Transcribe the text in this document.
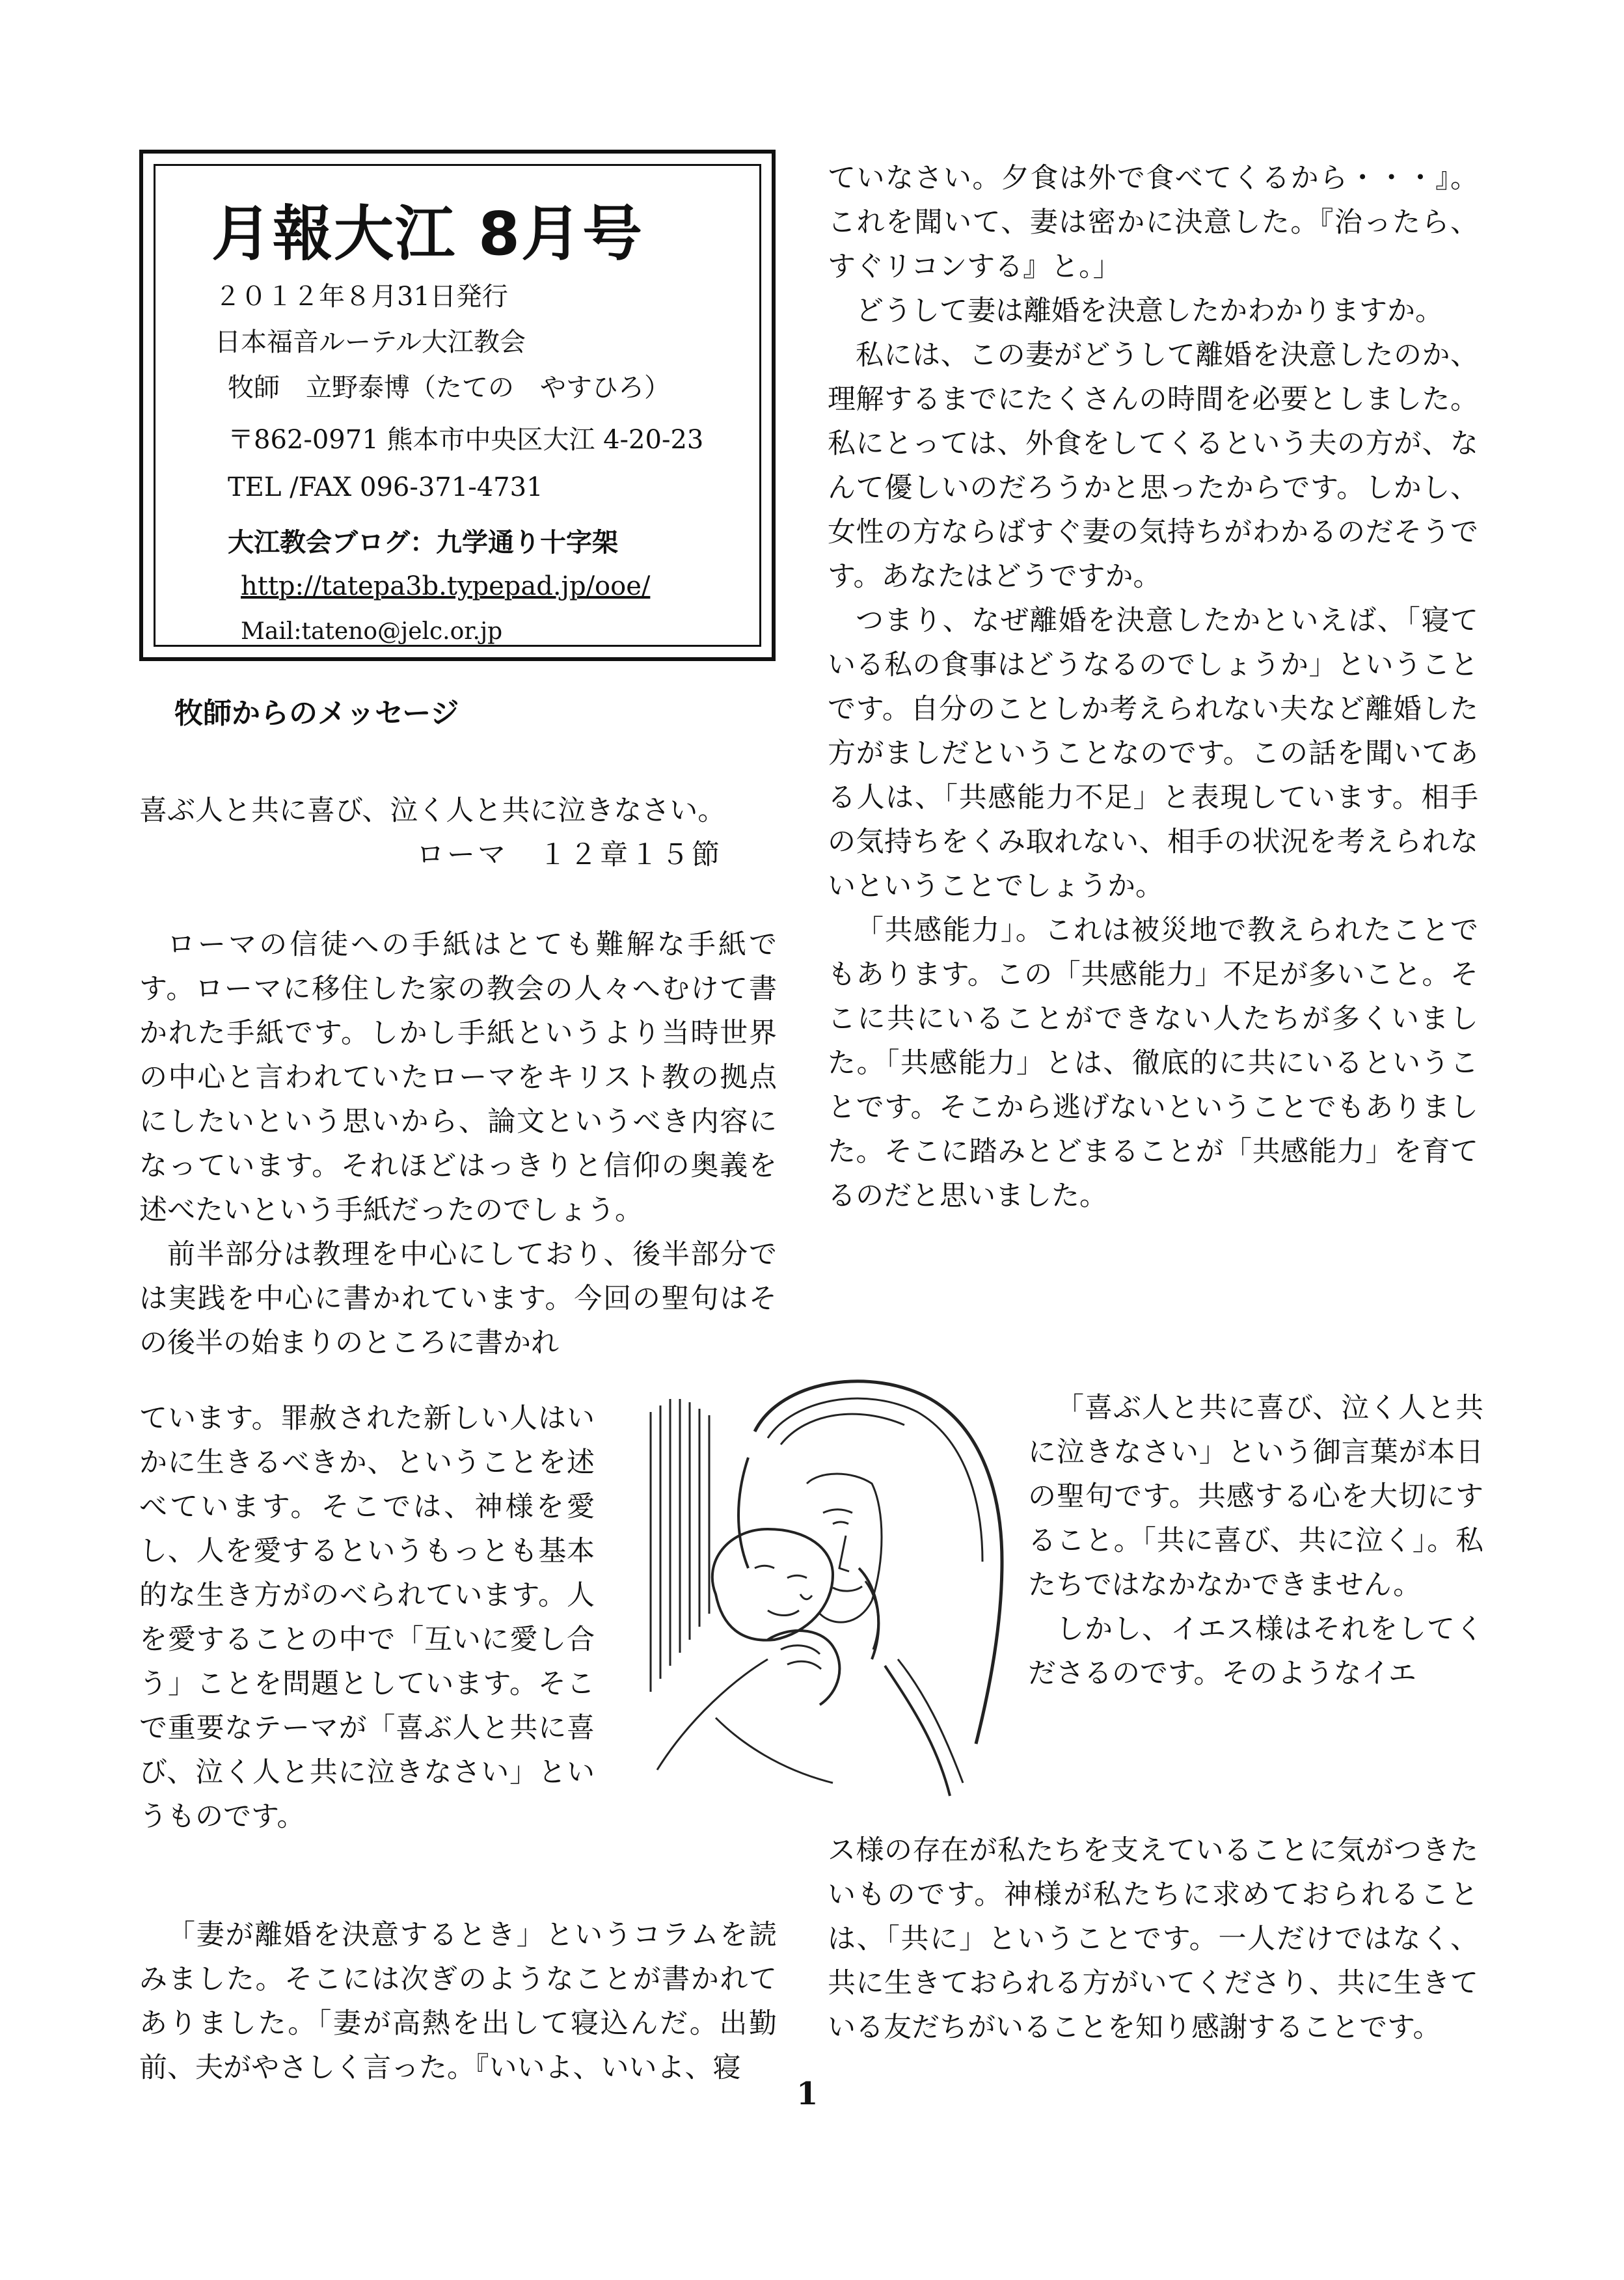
月報大江 8月号
２０１２年８月31日発行
日本福音ルーテル大江教会
牧師　立野泰博（たての　やすひろ）
〒862-0971 熊本市中央区大江 4-20-23
TEL /FAX 096-371-4731
大江教会ブログ：九学通り十字架
http://tatepa3b.typepad.jp/ooe/
Mail:tateno@jelc.or.jp
牧師からのメッセージ
喜ぶ人と共に喜び、泣く人と共に泣きなさい。
ローマ　１２章１５節

ローマの信徒への手紙はとても難解な手紙です。ローマに移住した家の教会の人々へむけて書かれた手紙です。しかし手紙というより当時世界の中心と言われていたローマをキリスト教の拠点にしたいという思いから、論文というべき内容になっています。それほどはっきりと信仰の奥義を述べたいという手紙だったのでしょう。

前半部分は教理を中心にしており、後半部分では実践を中心に書かれています。今回の聖句はその後半の始まりのところに書かれ

ています。罪赦された新しい人はいかに生きるべきか、ということを述べています。そこでは、神様を愛し、人を愛するというもっとも基本的な生き方がのべられています。人を愛することの中で「互いに愛し合う」ことを問題としています。そこで重要なテーマが「喜ぶ人と共に喜び、泣く人と共に泣きなさい」というものです。

「妻が離婚を決意するとき」というコラムを読みました。そこには次ぎのようなことが書かれてありました。「妻が高熱を出して寝込んだ。出勤前、夫がやさしく言った。『いいよ、いいよ、寝

ていなさい。夕食は外で食べてくるから・・・』。これを聞いて、妻は密かに決意した。『治ったら、すぐリコンする』と。」

どうして妻は離婚を決意したかわかりますか。

私には、この妻がどうして離婚を決意したのか、理解するまでにたくさんの時間を必要としました。私にとっては、外食をしてくるという夫の方が、なんて優しいのだろうかと思ったからです。しかし、女性の方ならばすぐ妻の気持ちがわかるのだそうです。あなたはどうですか。

つまり、なぜ離婚を決意したかといえば、「寝ている私の食事はどうなるのでしょうか」ということです。自分のことしか考えられない夫など離婚した方がましだということなのです。この話を聞いてある人は、「共感能力不足」と表現しています。相手の気持ちをくみ取れない、相手の状況を考えられないということでしょうか。

「共感能力」。これは被災地で教えられたことでもあります。この「共感能力」不足が多いこと。そこに共にいることができない人たちが多くいました。「共感能力」とは、徹底的に共にいるということです。そこから逃げないということでもありました。そこに踏みとどまることが「共感能力」を育てるのだと思いました。

「喜ぶ人と共に喜び、泣く人と共に泣きなさい」という御言葉が本日の聖句です。共感する心を大切にすること。「共に喜び、共に泣く」。私たちではなかなかできません。

しかし、イエス様はそれをしてくださるのです。そのようなイエ

ス様の存在が私たちを支えていることに気がつきたいものです。神様が私たちに求めておられることは、「共に」ということです。一人だけではなく、共に生きておられる方がいてくださり、共に生きている友だちがいることを知り感謝することです。

1
